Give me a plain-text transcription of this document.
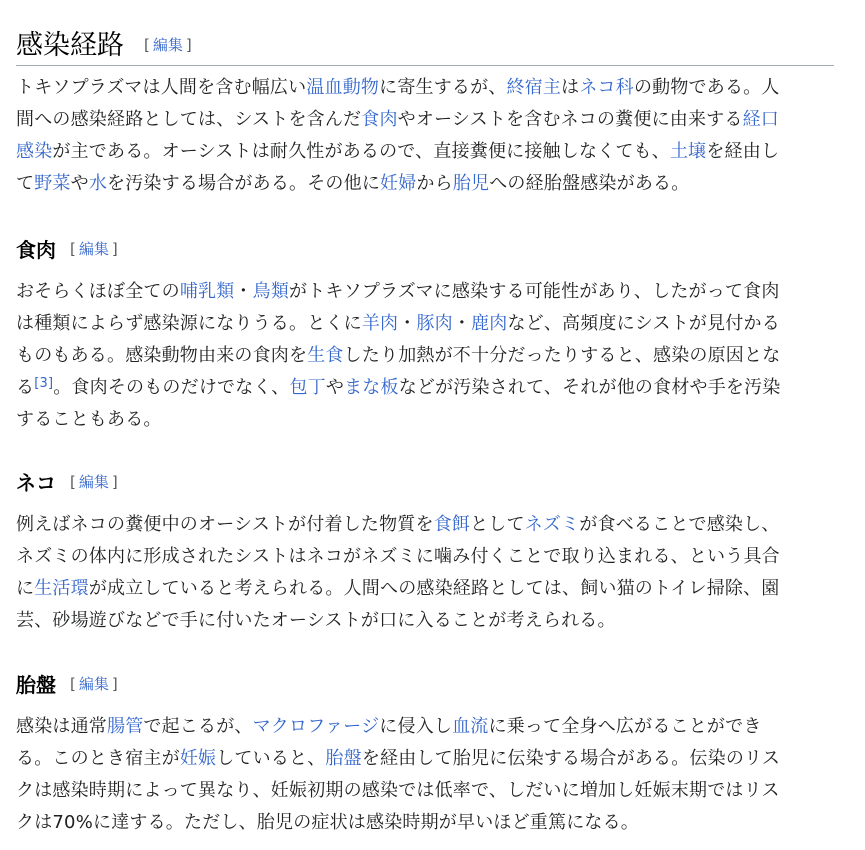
感染経路 [ 編集 ]
トキソプラズマは人間を含む幅広い温血動物に寄生するが、終宿主はネコ科の動物である。人
間への感染経路としては、シストを含んだ食肉やオーシストを含むネコの糞便に由来する経口
感染が主である。オーシストは耐久性があるので、直接糞便に接触しなくても、土壌を経由し
て野菜や水を汚染する場合がある。その他に妊婦から胎児への経胎盤感染がある。
食肉 [ 編集 ]
おそらくほぼ全ての哺乳類・鳥類がトキソプラズマに感染する可能性があり、したがって食肉
は種類によらず感染源になりうる。とくに羊肉・豚肉・鹿肉など、高頻度にシストが見付かる
ものもある。感染動物由来の食肉を生食したり加熱が不十分だったりすると、感染の原因とな
る[3]。食肉そのものだけでなく、包丁やまな板などが汚染されて、それが他の食材や手を汚染
することもある。
ネコ [ 編集 ]
例えばネコの糞便中のオーシストが付着した物質を食餌としてネズミが食べることで感染し、
ネズミの体内に形成されたシストはネコがネズミに噛み付くことで取り込まれる、という具合
に生活環が成立していると考えられる。人間への感染経路としては、飼い猫のトイレ掃除、園
芸、砂場遊びなどで手に付いたオーシストが口に入ることが考えられる。
胎盤 [ 編集 ]
感染は通常腸管で起こるが、マクロファージに侵入し血流に乗って全身へ広がることができ
る。このとき宿主が妊娠していると、胎盤を経由して胎児に伝染する場合がある。伝染のリス
クは感染時期によって異なり、妊娠初期の感染では低率で、しだいに増加し妊娠末期ではリス
クは70%に達する。ただし、胎児の症状は感染時期が早いほど重篤になる。
